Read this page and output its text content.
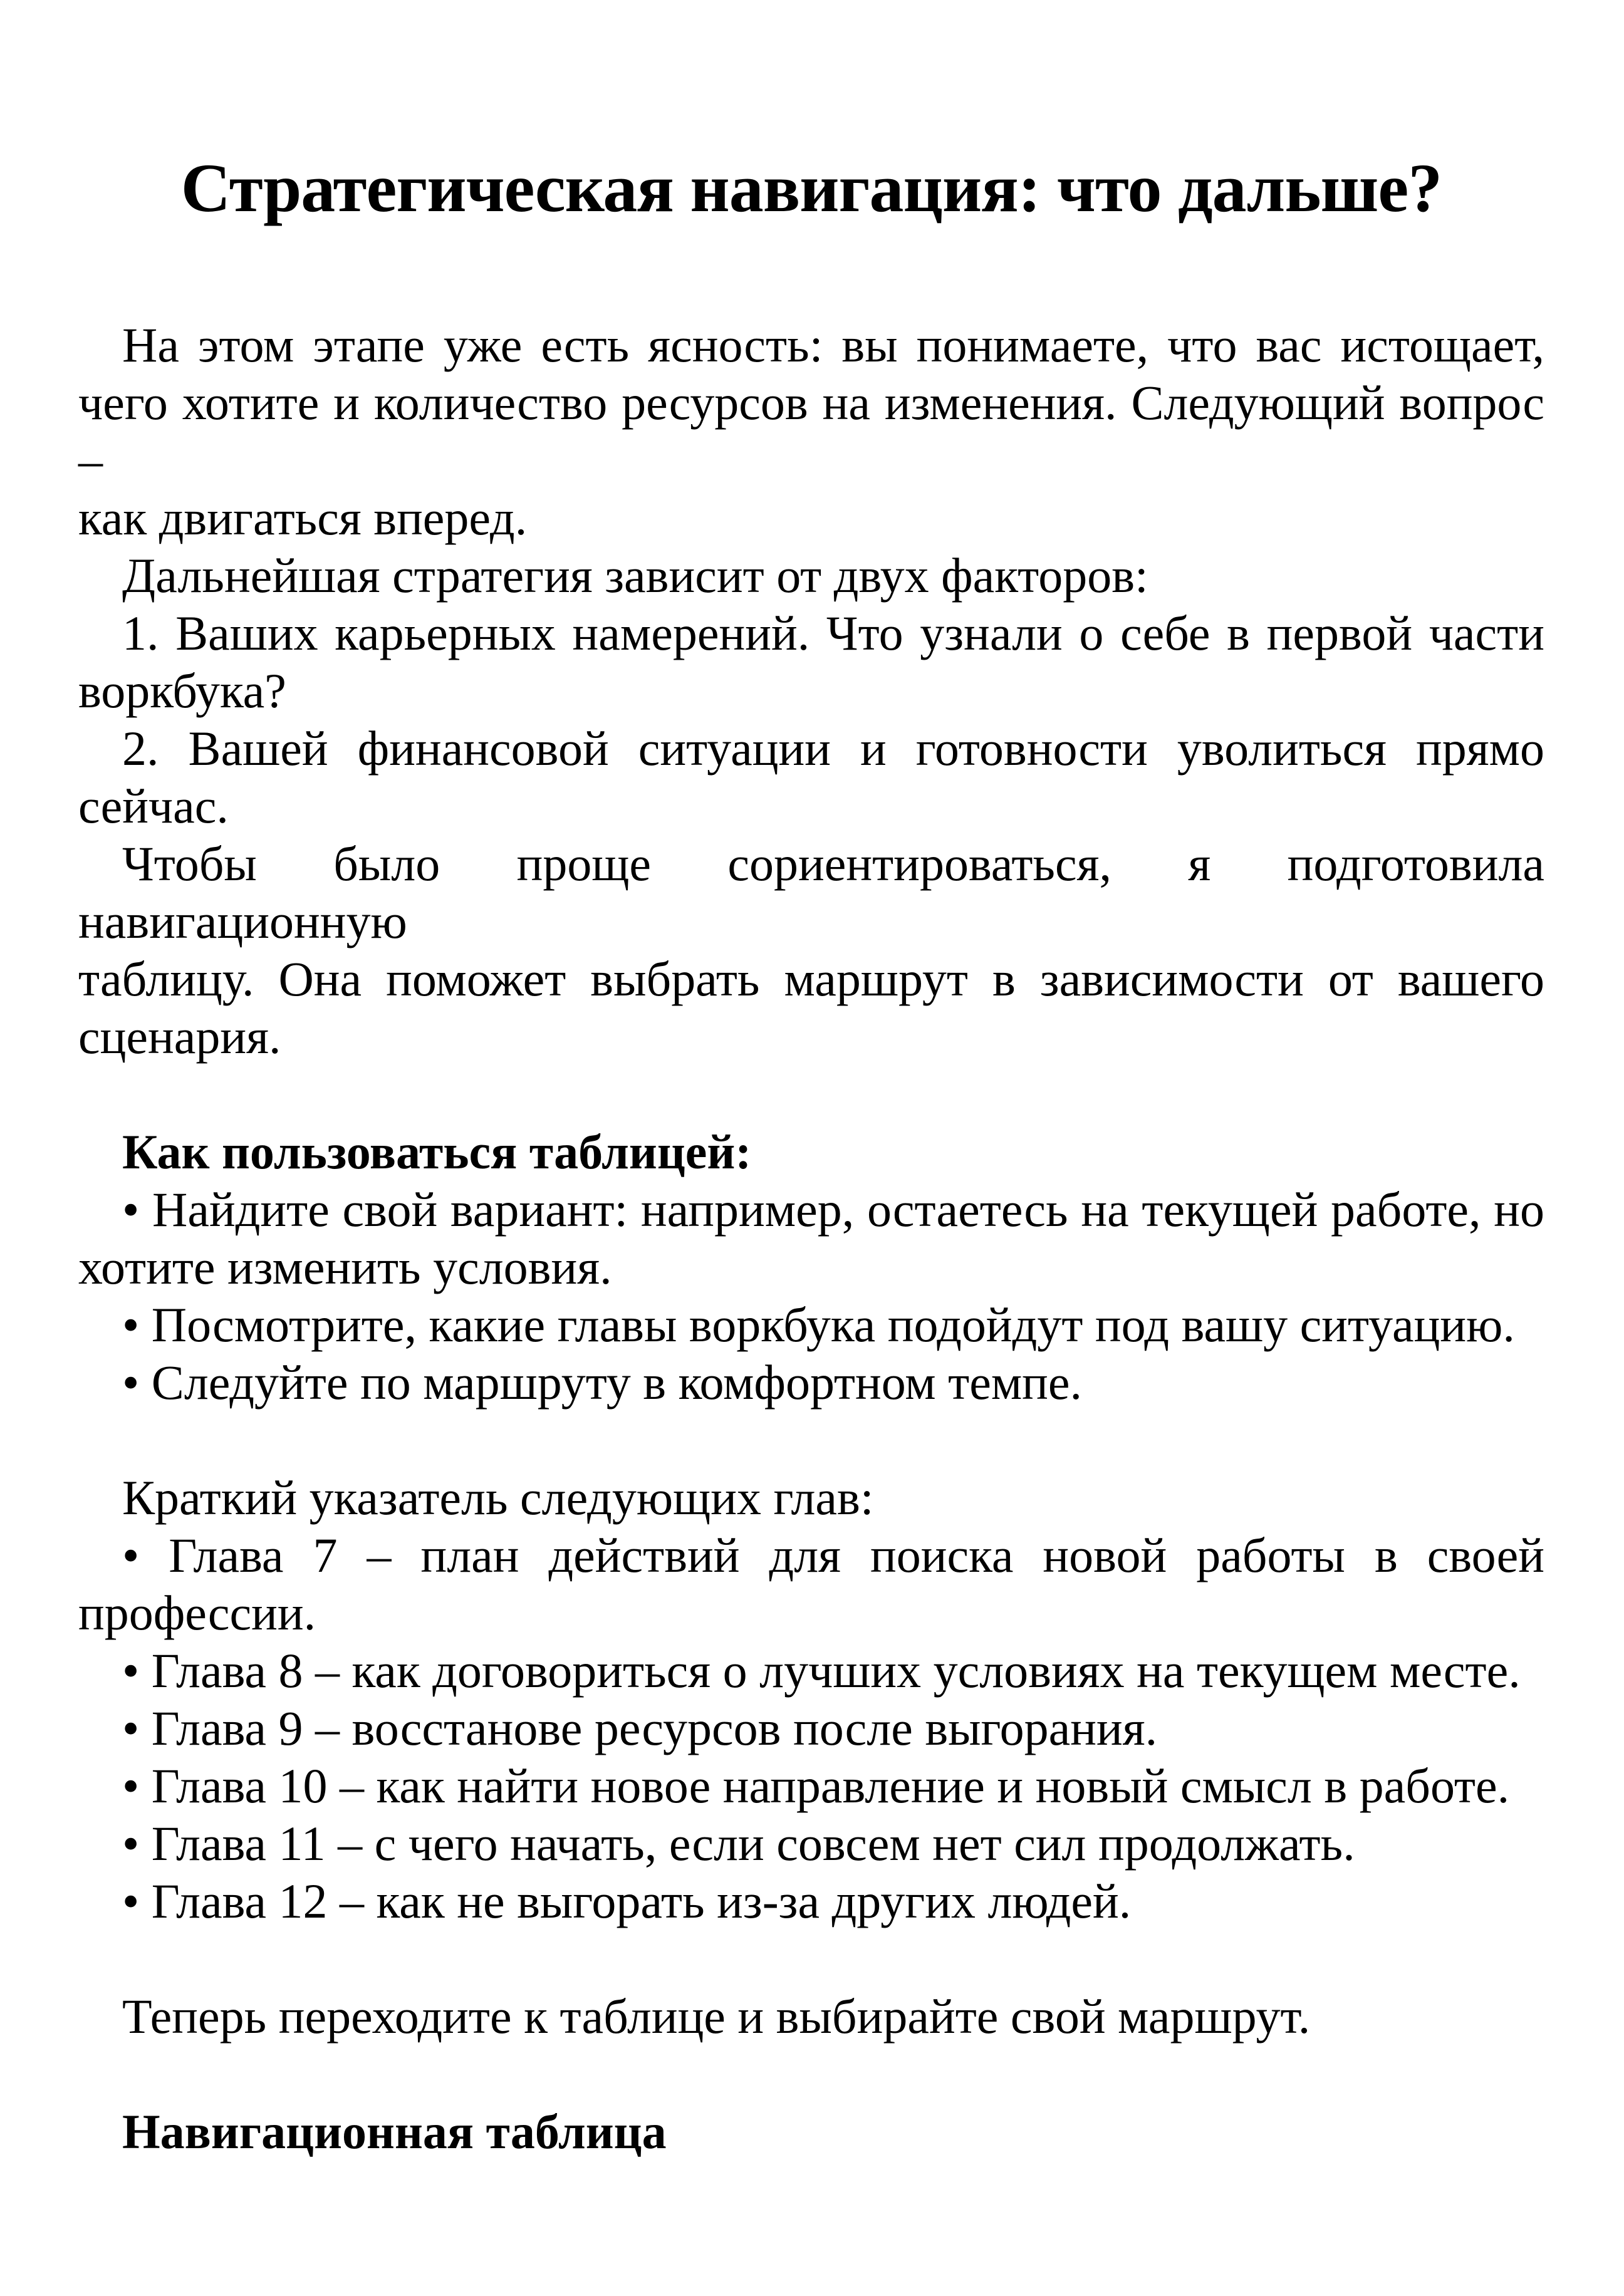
Стратегическая навигация: что дальше?
На этом этапе уже есть ясность: вы понимаете, что вас истощает,
чего хотите и количество ресурсов на изменения. Следующий вопрос –
как двигаться вперед.
Дальнейшая стратегия зависит от двух факторов:
1. Ваших карьерных намерений. Что узнали о себе в первой части
воркбука?
2. Вашей финансовой ситуации и готовности уволиться прямо
сейчас.
Чтобы было проще сориентироваться, я подготовила навигационную
таблицу. Она поможет выбрать маршрут в зависимости от вашего
сценария.
Как пользоваться таблицей:
• Найдите свой вариант: например, остаетесь на текущей работе, но
хотите изменить условия.
• Посмотрите, какие главы воркбука подойдут под вашу ситуацию.
• Следуйте по маршруту в комфортном темпе.
Краткий указатель следующих глав:
• Глава 7 – план действий для поиска новой работы в своей
профессии.
• Глава 8 – как договориться о лучших условиях на текущем месте.
• Глава 9 – восстанове ресурсов после выгорания.
• Глава 10 – как найти новое направление и новый смысл в работе.
• Глава 11 – с чего начать, если совсем нет сил продолжать.
• Глава 12 – как не выгорать из-за других людей.
Теперь переходите к таблице и выбирайте свой маршрут.
Навигационная таблица
